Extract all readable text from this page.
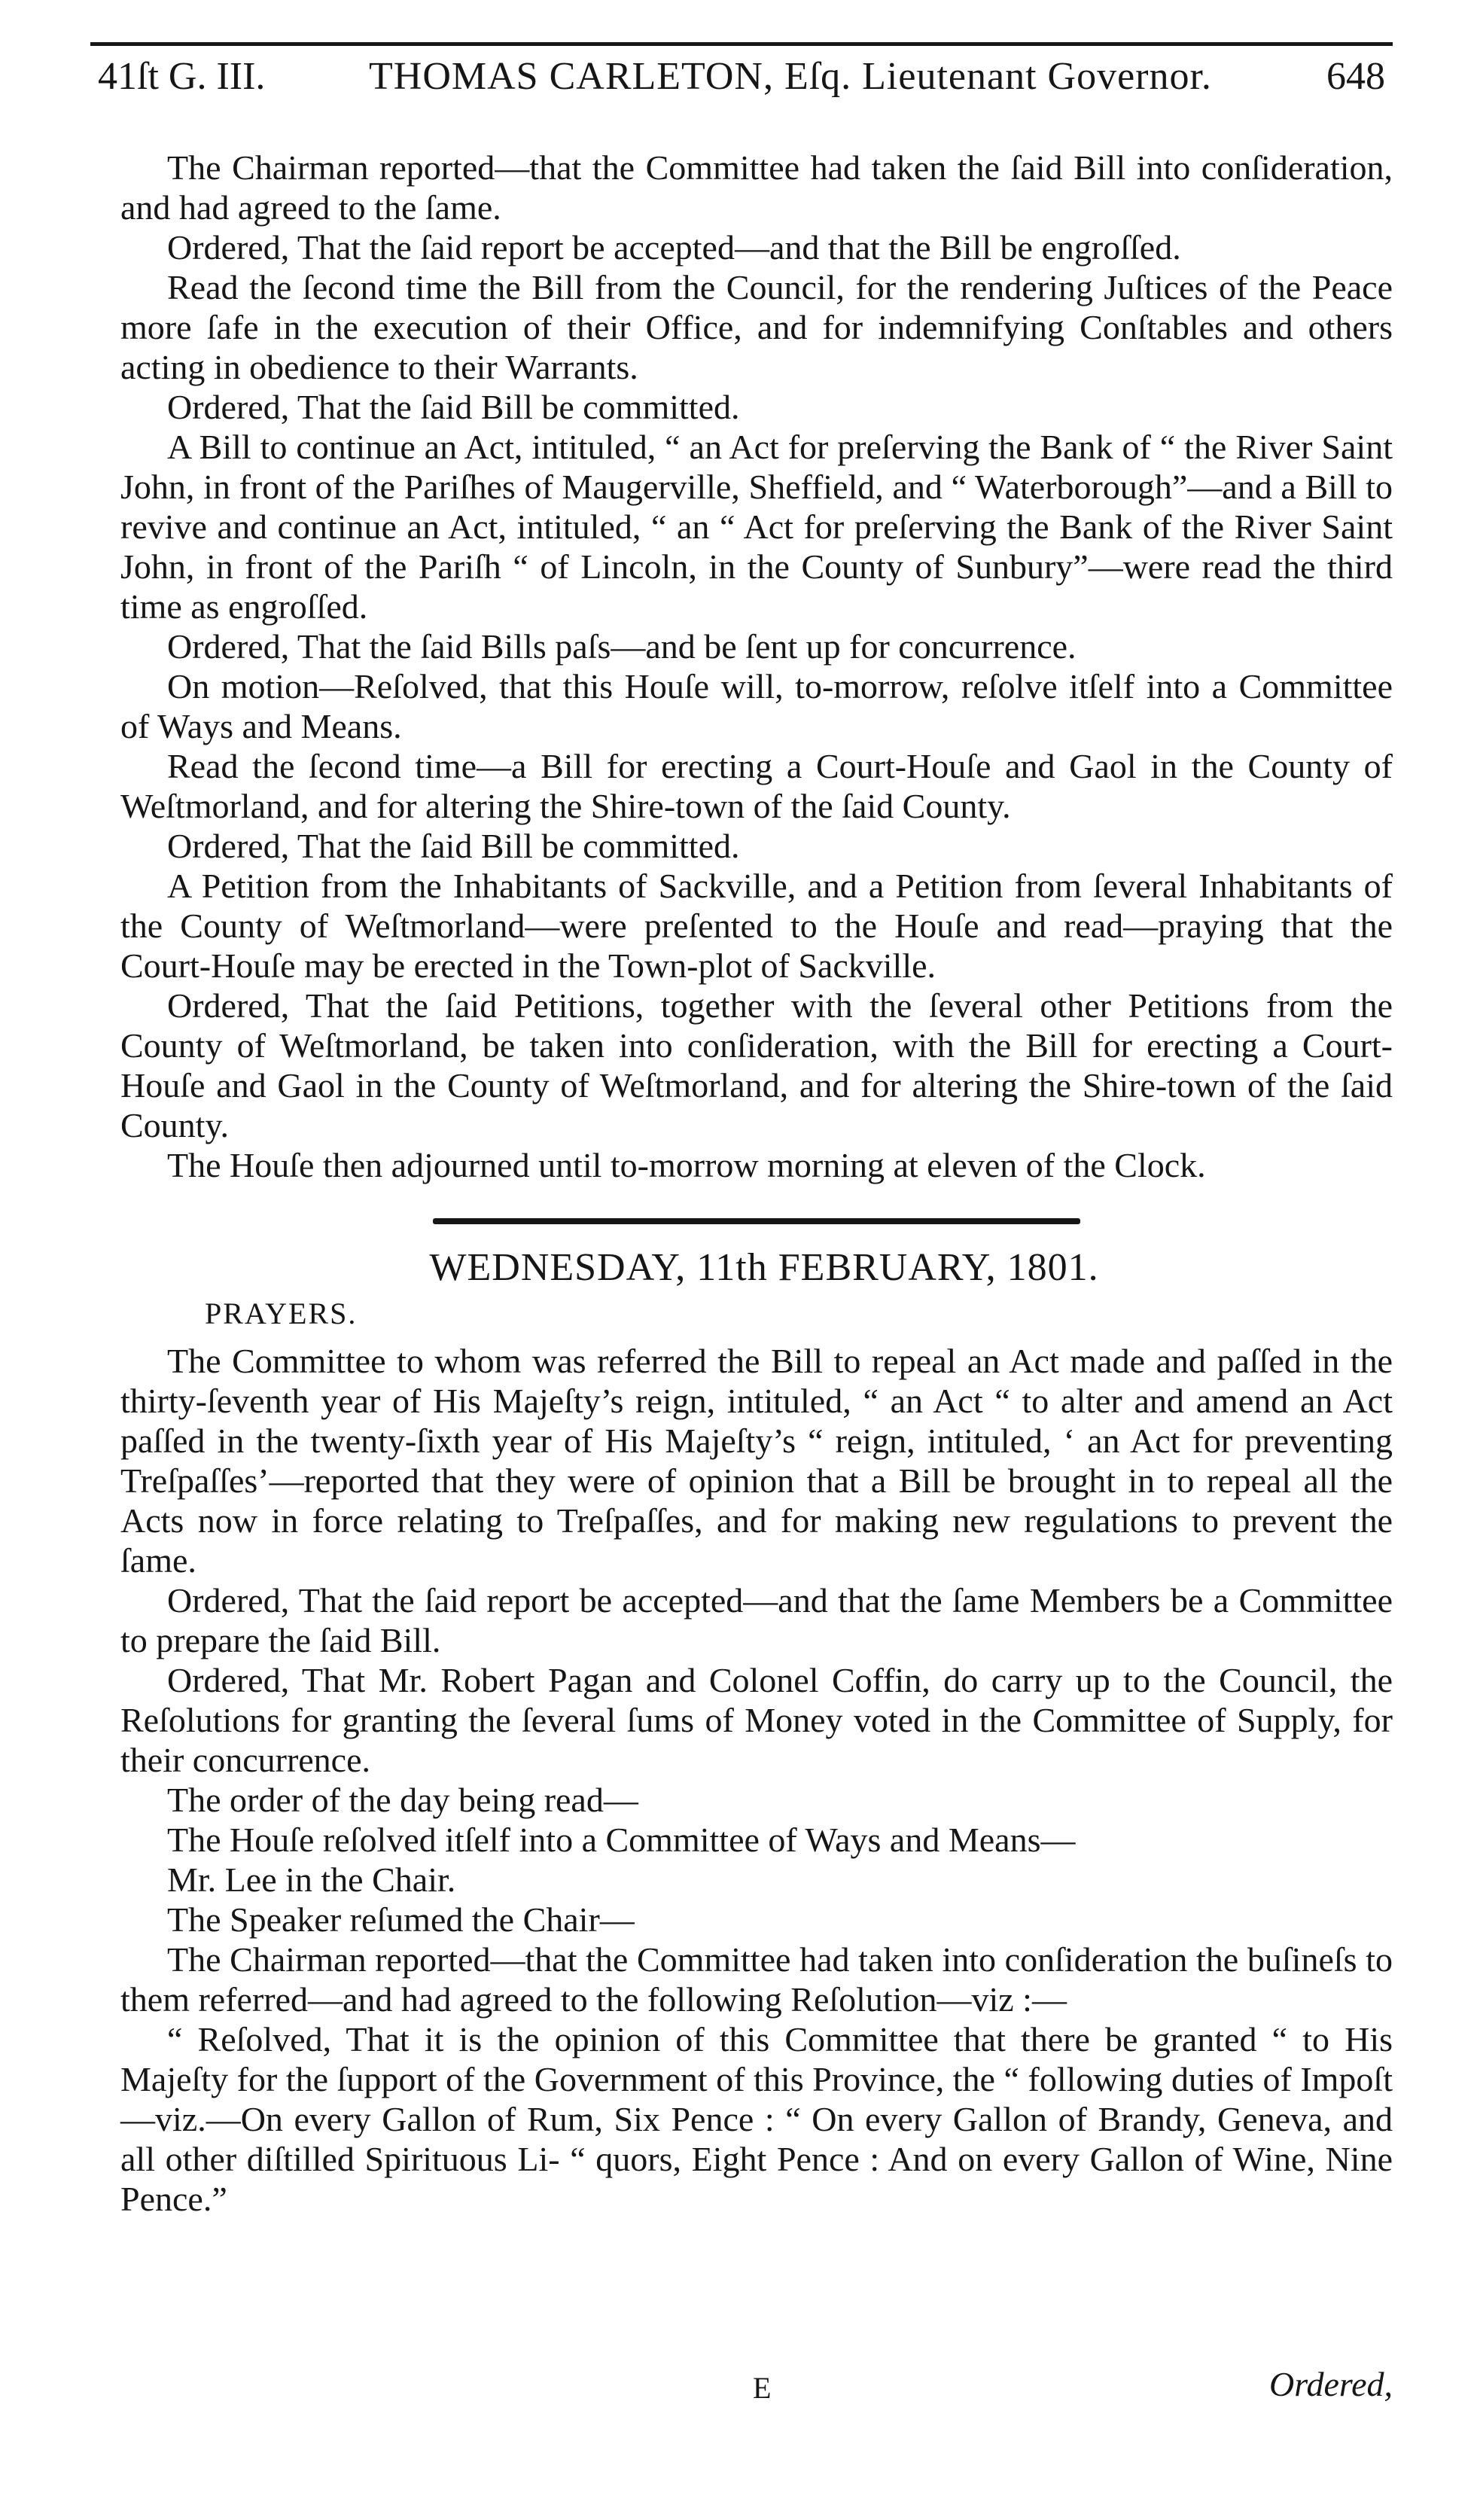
41ſt G. III.	THOMAS CARLETON, Eſq. Lieutenant Governor.	648

The Chairman reported—that the Committee had taken the ſaid Bill into conſideration, and had agreed to the ſame.

Ordered, That the ſaid report be accepted—and that the Bill be engroſſed.

Read the ſecond time the Bill from the Council, for the rendering Juſtices of the Peace more ſafe in the execution of their Office, and for indemnifying Conſtables and others acting in obedience to their Warrants.

Ordered, That the ſaid Bill be committed.

A Bill to continue an Act, intituled, “ an Act for preſerving the Bank of “ the River Saint John, in front of the Pariſhes of Maugerville, Sheffield, and “ Waterborough”—and a Bill to revive and continue an Act, intituled, “ an “ Act for preſerving the Bank of the River Saint John, in front of the Pariſh “ of Lincoln, in the County of Sunbury”—were read the third time as engroſſed.

Ordered, That the ſaid Bills paſs—and be ſent up for concurrence.

On motion—Reſolved, that this Houſe will, to-morrow, reſolve itſelf into a Committee of Ways and Means.

Read the ſecond time—a Bill for erecting a Court-Houſe and Gaol in the County of Weſtmorland, and for altering the Shire-town of the ſaid County.

Ordered, That the ſaid Bill be committed.

A Petition from the Inhabitants of Sackville, and a Petition from ſeveral Inhabitants of the County of Weſtmorland—were preſented to the Houſe and read—praying that the Court-Houſe may be erected in the Town-plot of Sackville.

Ordered, That the ſaid Petitions, together with the ſeveral other Petitions from the County of Weſtmorland, be taken into conſideration, with the Bill for erecting a Court-Houſe and Gaol in the County of Weſtmorland, and for altering the Shire-town of the ſaid County.

The Houſe then adjourned until to-morrow morning at eleven of the Clock.

WEDNESDAY, 11th FEBRUARY, 1801.

PRAYERS.

The Committee to whom was referred the Bill to repeal an Act made and paſſed in the thirty-ſeventh year of His Majeſty’s reign, intituled, “ an Act “ to alter and amend an Act paſſed in the twenty-ſixth year of His Majeſty’s “ reign, intituled, ‘ an Act for preventing Treſpaſſes’—reported that they were of opinion that a Bill be brought in to repeal all the Acts now in force relating to Treſpaſſes, and for making new regulations to prevent the ſame.

Ordered, That the ſaid report be accepted—and that the ſame Members be a Committee to prepare the ſaid Bill.

Ordered, That Mr. Robert Pagan and Colonel Coffin, do carry up to the Council, the Reſolutions for granting the ſeveral ſums of Money voted in the Committee of Supply, for their concurrence.

The order of the day being read—

The Houſe reſolved itſelf into a Committee of Ways and Means—

Mr. Lee in the Chair.

The Speaker reſumed the Chair—

The Chairman reported—that the Committee had taken into conſideration the buſineſs to them referred—and had agreed to the following Reſolution—viz :—

“ Reſolved, That it is the opinion of this Committee that there be granted “ to His Majeſty for the ſupport of the Government of this Province, the “ following duties of Impoſt—viz.—On every Gallon of Rum, Six Pence : “ On every Gallon of Brandy, Geneva, and all other diſtilled Spirituous Li- “ quors, Eight Pence : And on every Gallon of Wine, Nine Pence.”

E	Ordered,
